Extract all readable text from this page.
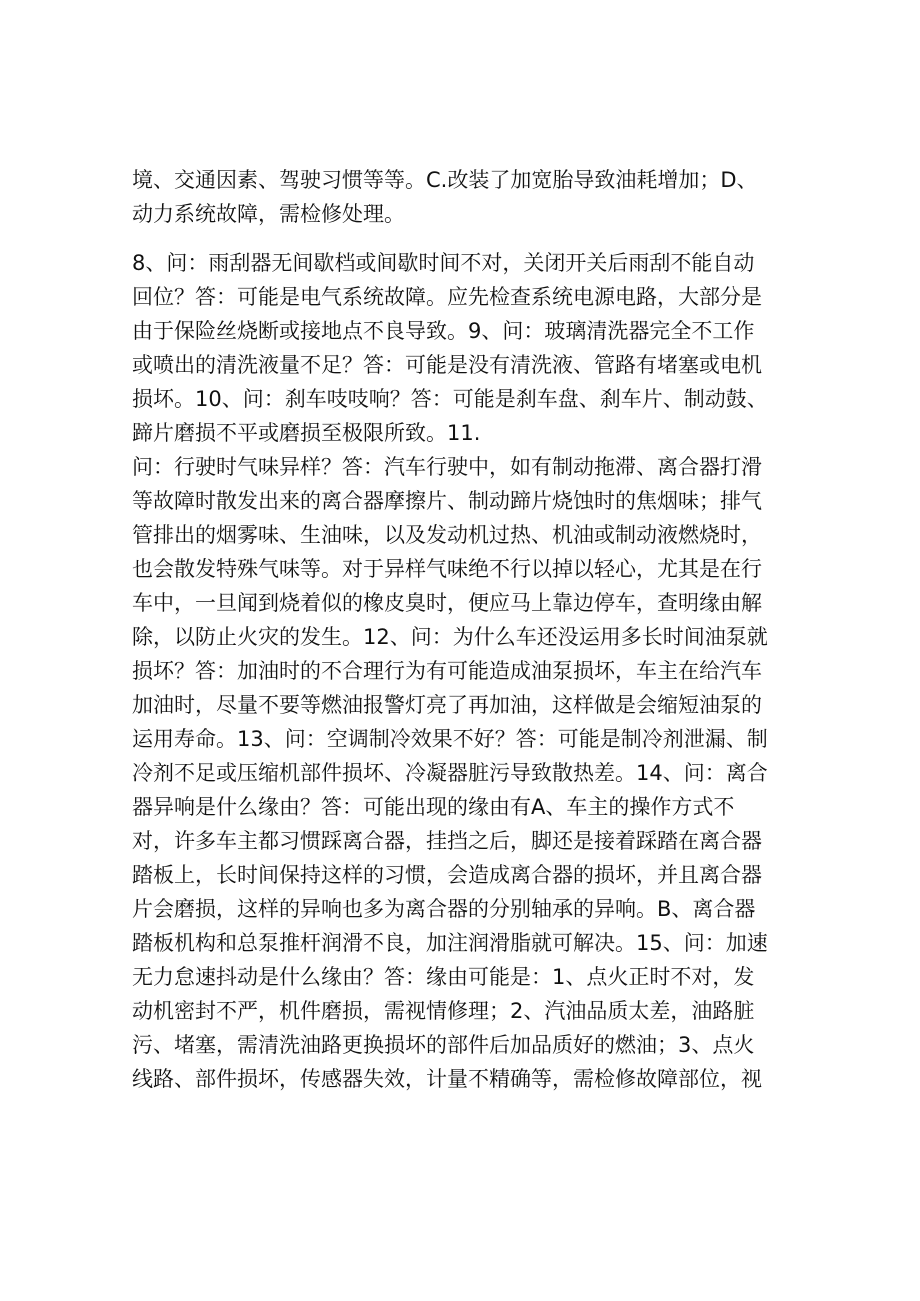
境、交通因素、驾驶习惯等等。C.改装了加宽胎导致油耗增加；D、
动力系统故障，需检修处理。
8、问：雨刮器无间歇档或间歇时间不对，关闭开关后雨刮不能自动
回位？答：可能是电气系统故障。应先检查系统电源电路，大部分是
由于保险丝烧断或接地点不良导致。9、问：玻璃清洗器完全不工作
或喷出的清洗液量不足？答：可能是没有清洗液、管路有堵塞或电机
损坏。10、问：刹车吱吱响？答：可能是刹车盘、刹车片、制动鼓、
蹄片磨损不平或磨损至极限所致。11.
问：行驶时气味异样？答：汽车行驶中，如有制动拖滞、离合器打滑
等故障时散发出来的离合器摩擦片、制动蹄片烧蚀时的焦烟味；排气
管排出的烟雾味、生油味，以及发动机过热、机油或制动液燃烧时，
也会散发特殊气味等。对于异样气味绝不行以掉以轻心，尤其是在行
车中，一旦闻到烧着似的橡皮臭时，便应马上靠边停车，查明缘由解
除，以防止火灾的发生。12、问：为什么车还没运用多长时间油泵就
损坏？答：加油时的不合理行为有可能造成油泵损坏，车主在给汽车
加油时，尽量不要等燃油报警灯亮了再加油，这样做是会缩短油泵的
运用寿命。13、问：空调制冷效果不好？答：可能是制冷剂泄漏、制
冷剂不足或压缩机部件损坏、冷凝器脏污导致散热差。14、问：离合
器异响是什么缘由？答：可能出现的缘由有A、车主的操作方式不
对，许多车主都习惯踩离合器，挂挡之后，脚还是接着踩踏在离合器
踏板上，长时间保持这样的习惯，会造成离合器的损坏，并且离合器
片会磨损，这样的异响也多为离合器的分别轴承的异响。B、离合器
踏板机构和总泵推杆润滑不良，加注润滑脂就可解决。15、问：加速
无力怠速抖动是什么缘由？答：缘由可能是：1、点火正时不对，发
动机密封不严，机件磨损，需视情修理；2、汽油品质太差，油路脏
污、堵塞，需清洗油路更换损坏的部件后加品质好的燃油；3、点火
线路、部件损坏，传感器失效，计量不精确等，需检修故障部位，视
